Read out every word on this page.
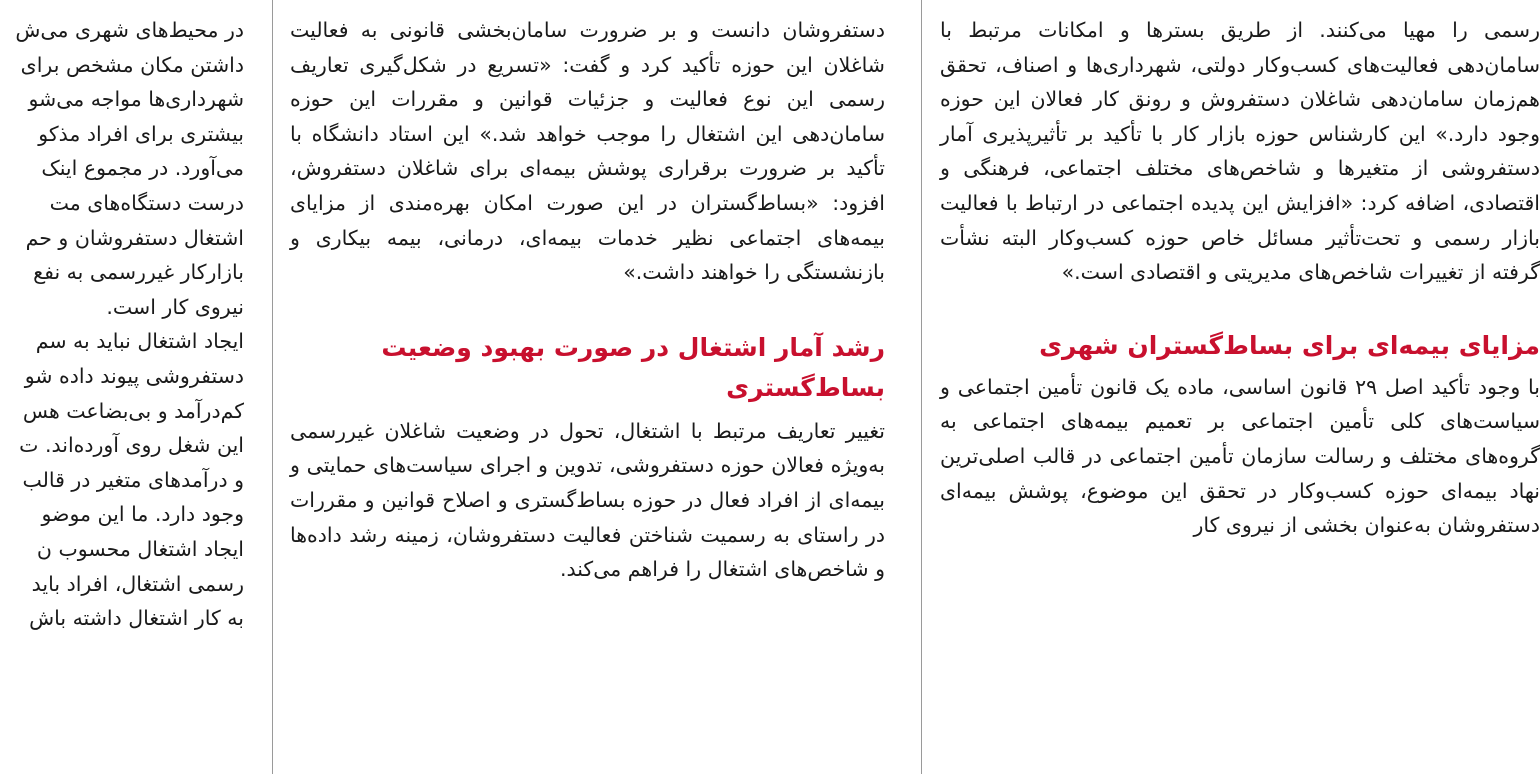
در محیط‌های شهری می‌ش

داشتن مکان مشخص برای

شهرداری‌ها مواجه می‌شو

بیشتری برای افراد مذکو

می‌آورد. در مجموع اینک

درست دستگاه‌های مت

اشتغال دستفروشان و حم

بازارکار غیررسمی به نفع

نیروی کار است.

ایجاد اشتغال نباید به سم

دستفروشی پیوند داده شو

کم‌درآمد و بی‌بضاعت هس

این شغل روی آورده‌اند. ت

و درآمدهای متغیر در قالب

وجود دارد. ما این موضو

ایجاد اشتغال محسوب ن

رسمی اشتغال، افراد باید

به کار اشتغال داشته باش

دستفروشان دانست و بر ضرورت سامان‌بخشی قانونی به فعالیت شاغلان این حوزه تأکید کرد و گفت: «تسریع در شکل‌گیری تعاریف رسمی این نوع فعالیت و جزئیات قوانین و مقررات این حوزه سامان‌دهی این اشتغال را موجب خواهد شد.» این استاد دانشگاه با تأکید بر ضرورت برقراری پوشش بیمه‌ای برای شاغلان دستفروش، افزود: «بساط‌گستران در این صورت امکان بهره‌مندی از مزایای بیمه‌های اجتماعی نظیر خدمات بیمه‌ای، درمانی، بیمه بیکاری و بازنشستگی را خواهند داشت.»

رشد آمار اشتغال در صورت بهبود وضعیت بساط‌گستری

تغییر تعاریف مرتبط با اشتغال، تحول در وضعیت شاغلان غیررسمی به‌ویژه فعالان حوزه دستفروشی، تدوین و اجرای سیاست‌های حمایتی و بیمه‌ای از افراد فعال در حوزه بساط‌گستری و اصلاح قوانین و مقررات در راستای به رسمیت شناختن فعالیت دستفروشان، زمینه رشد داده‌ها و شاخص‌های اشتغال را فراهم می‌کند.

رسمی را مهیا می‌کنند. از طریق بسترها و امکانات مرتبط با سامان‌دهی فعالیت‌های کسب‌وکار دولتی، شهرداری‌ها و اصناف، تحقق هم‌زمان سامان‌دهی شاغلان دستفروش و رونق کار فعالان این حوزه وجود دارد.» این کارشناس حوزه بازار کار با تأکید بر تأثیرپذیری آمار دستفروشی از متغیرها و شاخص‌های مختلف اجتماعی، فرهنگی و اقتصادی، اضافه کرد: «افزایش این پدیده اجتماعی در ارتباط با فعالیت بازار رسمی و تحت‌تأثیر مسائل خاص حوزه کسب‌وکار البته نشأت گرفته از تغییرات شاخص‌های مدیریتی و اقتصادی است.»

مزایای بیمه‌ای برای بساط‌گستران شهری

با وجود تأکید اصل ۲۹ قانون اساسی، ماده یک قانون تأمین اجتماعی و سیاست‌های کلی تأمین اجتماعی بر تعمیم بیمه‌های اجتماعی به گروه‌های مختلف و رسالت سازمان تأمین اجتماعی در قالب اصلی‌ترین نهاد بیمه‌ای حوزه کسب‌وکار در تحقق این موضوع، پوشش بیمه‌ای دستفروشان به‌عنوان بخشی از نیروی کار
